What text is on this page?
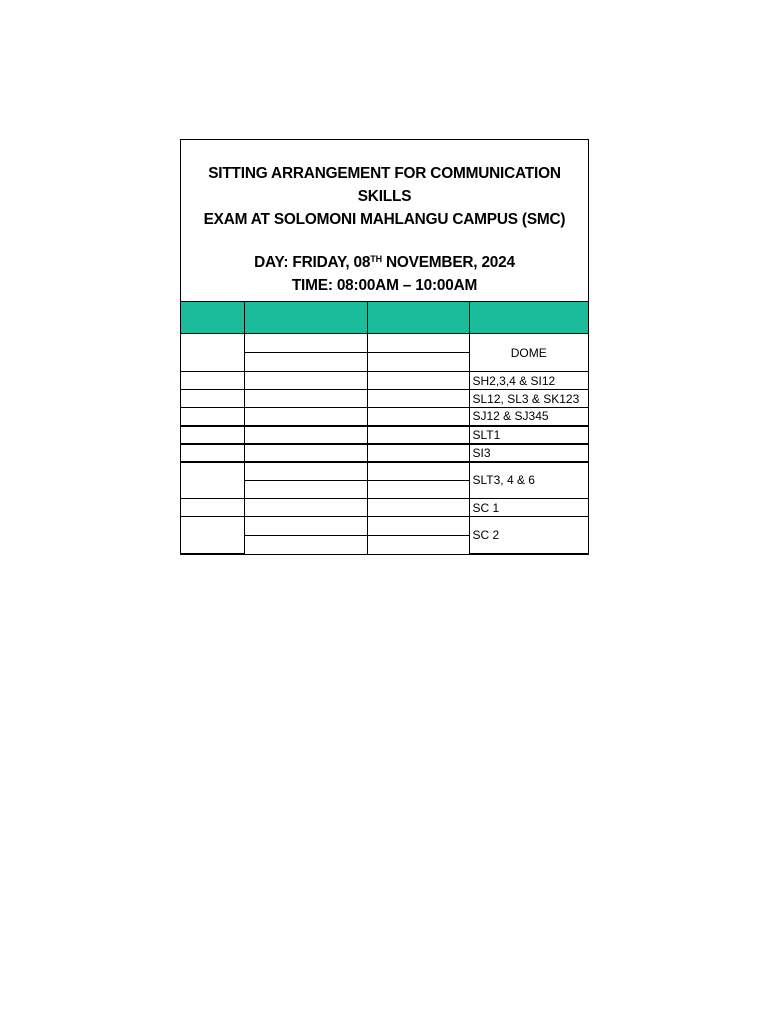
SITTING ARRANGEMENT FOR COMMUNICATION SKILLS
EXAM AT SOLOMONI MAHLANGU CAMPUS (SMC)
DAY: FRIDAY, 08TH NOVEMBER, 2024
TIME: 08:00AM – 10:00AM

			DOME

			SH2,3,4 & SI12
			SL12, SL3 & SK123
			SJ12 & SJ345
			SLT1
			SI3
			SLT3, 4 & 6

			SC 1
			SC 2
